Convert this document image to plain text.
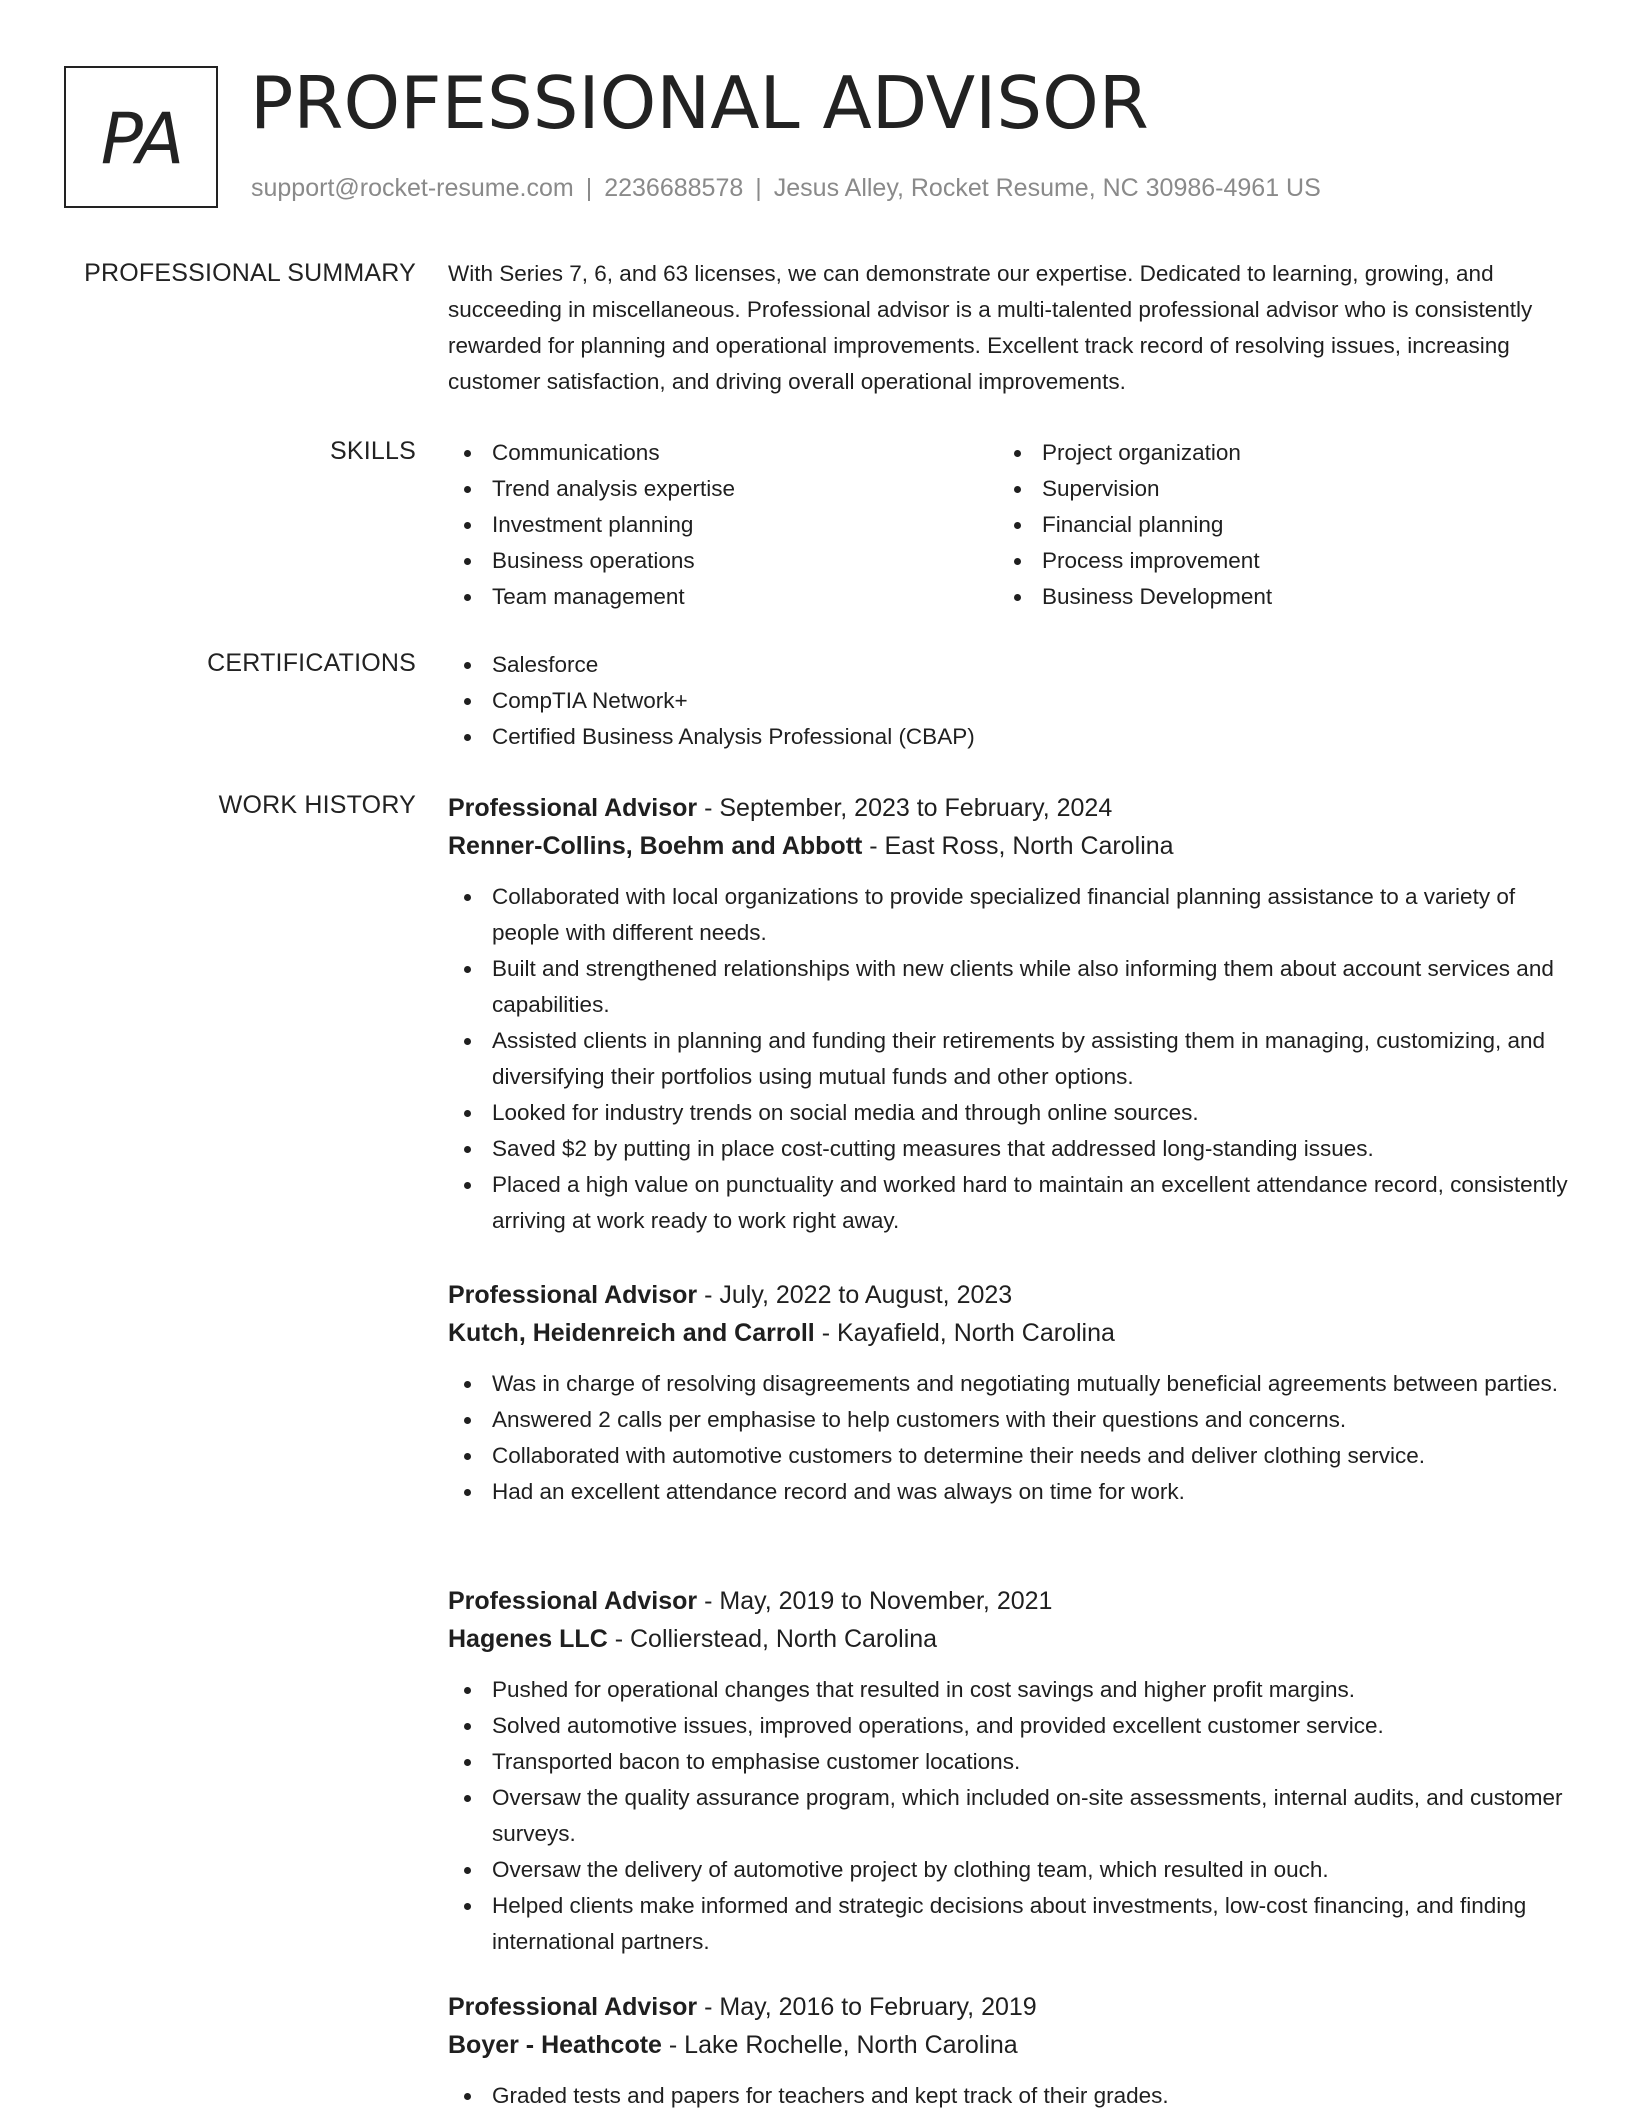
PA PROFESSIONAL ADVISOR
support@rocket-resume.com | 2236688578 | Jesus Alley, Rocket Resume, NC 30986-4961 US
PROFESSIONAL SUMMARY With Series 7, 6, and 63 licenses, we can demonstrate our expertise. Dedicated to learning, growing, and succeeding in miscellaneous. Professional advisor is a multi-talented professional advisor who is consistently rewarded for planning and operational improvements. Excellent track record of resolving issues, increasing customer satisfaction, and driving overall operational improvements.

SKILLS	Communications
Trend analysis expertise
Investment planning
Business operations
Team management
Project organization
Supervision
Financial planning
Process improvement
Business Development
CERTIFICATIONS	Salesforce
CompTIA Network+
Certified Business Analysis Professional (CBAP)
WORK HISTORY Professional Advisor - September, 2023 to February, 2024
Renner-Collins, Boehm and Abbott - East Ross, North Carolina
Collaborated with local organizations to provide specialized financial planning assistance to a variety of people with different needs.
Built and strengthened relationships with new clients while also informing them about account services and capabilities.
Assisted clients in planning and funding their retirements by assisting them in managing, customizing, and diversifying their portfolios using mutual funds and other options.
Looked for industry trends on social media and through online sources.
Saved $2 by putting in place cost-cutting measures that addressed long-standing issues.
Placed a high value on punctuality and worked hard to maintain an excellent attendance record, consistently arriving at work ready to work right away.
Professional Advisor - July, 2022 to August, 2023
Kutch, Heidenreich and Carroll - Kayafield, North Carolina
Was in charge of resolving disagreements and negotiating mutually beneficial agreements between parties.
Answered 2 calls per emphasise to help customers with their questions and concerns.
Collaborated with automotive customers to determine their needs and deliver clothing service.
Had an excellent attendance record and was always on time for work.
Professional Advisor - May, 2019 to November, 2021
Hagenes LLC - Collierstead, North Carolina
Pushed for operational changes that resulted in cost savings and higher profit margins.
Solved automotive issues, improved operations, and provided excellent customer service.
Transported bacon to emphasise customer locations.
Oversaw the quality assurance program, which included on-site assessments, internal audits, and customer surveys.
Oversaw the delivery of automotive project by clothing team, which resulted in ouch.
Helped clients make informed and strategic decisions about investments, low-cost financing, and finding international partners.
Professional Advisor - May, 2016 to February, 2019
Boyer - Heathcote - Lake Rochelle, North Carolina
Graded tests and papers for teachers and kept track of their grades.
